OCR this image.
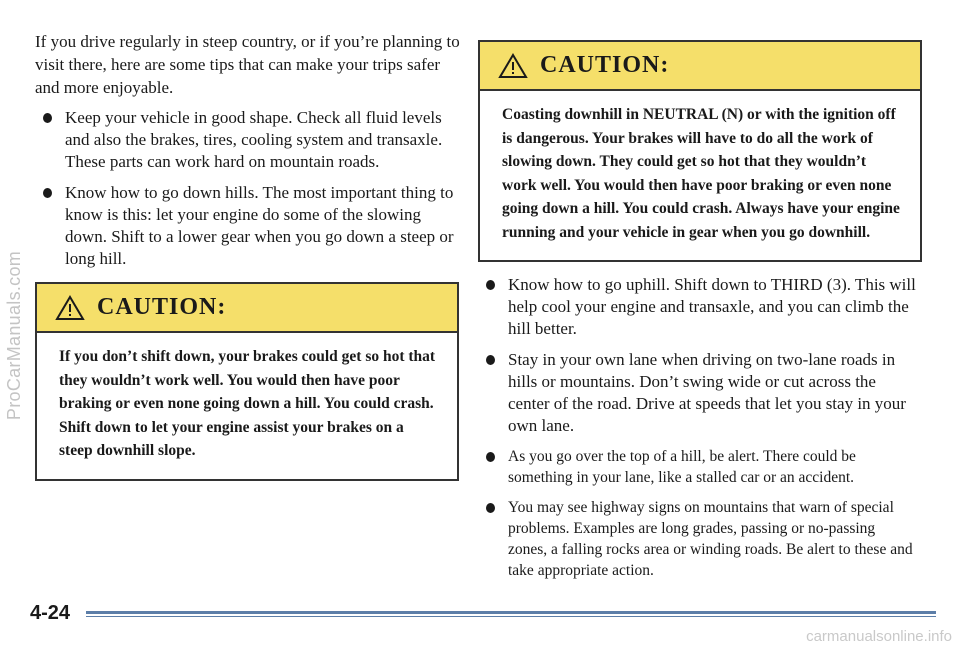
ProCarManuals.com

If you drive regularly in steep country, or if you’re planning to visit there, here are some tips that can make your trips safer and more enjoyable.

Keep your vehicle in good shape. Check all fluid levels and also the brakes, tires, cooling system and transaxle. These parts can work hard on mountain roads.
Know how to go down hills. The most important thing to know is this: let your engine do some of the slowing down. Shift to a lower gear when you go down a steep or long hill.
CAUTION:
If you don’t shift down, your brakes could get so hot that they wouldn’t work well. You would then have poor braking or even none going down a hill. You could crash. Shift down to let your engine assist your brakes on a steep downhill slope.
CAUTION:
Coasting downhill in NEUTRAL (N) or with the ignition off is dangerous. Your brakes will have to do all the work of slowing down. They could get so hot that they wouldn’t work well. You would then have poor braking or even none going down a hill. You could crash. Always have your engine running and your vehicle in gear when you go downhill.
Know how to go uphill. Shift down to THIRD (3). This will help cool your engine and transaxle, and you can climb the hill better.
Stay in your own lane when driving on two-lane roads in hills or mountains. Don’t swing wide or cut across the center of the road. Drive at speeds that let you stay in your own lane.
As you go over the top of a hill, be alert. There could be something in your lane, like a stalled car or an accident.
You may see highway signs on mountains that warn of special problems. Examples are long grades, passing or no-passing zones, a falling rocks area or winding roads. Be alert to these and take appropriate action.
4-24
carmanualsonline.info
